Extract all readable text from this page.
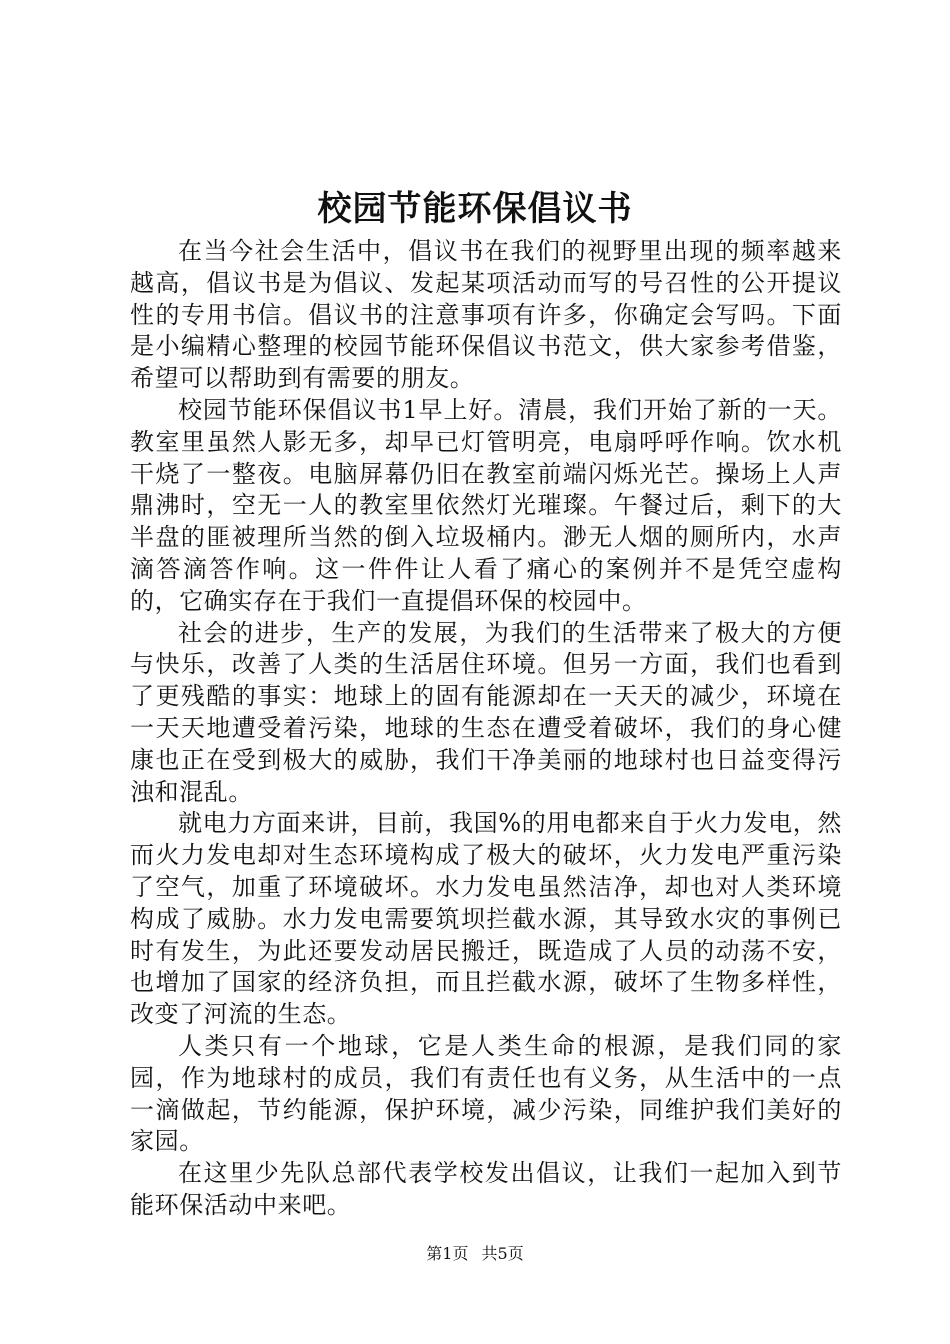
校园节能环保倡议书

在当今社会生活中，倡议书在我们的视野里出现的频率越来越高，倡议书是为倡议、发起某项活动而写的号召性的公开提议性的专用书信。倡议书的注意事项有许多，你确定会写吗。下面是小编精心整理的校园节能环保倡议书范文，供大家参考借鉴，希望可以帮助到有需要的朋友。

校园节能环保倡议书1早上好。清晨，我们开始了新的一天。教室里虽然人影无多，却早已灯管明亮，电扇呼呼作响。饮水机干烧了一整夜。电脑屏幕仍旧在教室前端闪烁光芒。操场上人声鼎沸时，空无一人的教室里依然灯光璀璨。午餐过后，剩下的大半盘的匪被理所当然的倒入垃圾桶内。渺无人烟的厕所内，水声滴答滴答作响。这一件件让人看了痛心的案例并不是凭空虚构的，它确实存在于我们一直提倡环保的校园中。

社会的进步，生产的发展，为我们的生活带来了极大的方便与快乐，改善了人类的生活居住环境。但另一方面，我们也看到了更残酷的事实：地球上的固有能源却在一天天的减少，环境在一天天地遭受着污染，地球的生态在遭受着破坏，我们的身心健康也正在受到极大的威胁，我们干净美丽的地球村也日益变得污浊和混乱。

就电力方面来讲，目前，我国%的用电都来自于火力发电，然而火力发电却对生态环境构成了极大的破坏，火力发电严重污染了空气，加重了环境破坏。水力发电虽然洁净，却也对人类环境构成了威胁。水力发电需要筑坝拦截水源，其导致水灾的事例已时有发生，为此还要发动居民搬迁，既造成了人员的动荡不安，也增加了国家的经济负担，而且拦截水源，破坏了生物多样性，改变了河流的生态。

人类只有一个地球，它是人类生命的根源，是我们同的家园，作为地球村的成员，我们有责任也有义务，从生活中的一点一滴做起，节约能源，保护环境，减少污染，同维护我们美好的家园。

在这里少先队总部代表学校发出倡议，让我们一起加入到节能环保活动中来吧。

第1页 共5页
